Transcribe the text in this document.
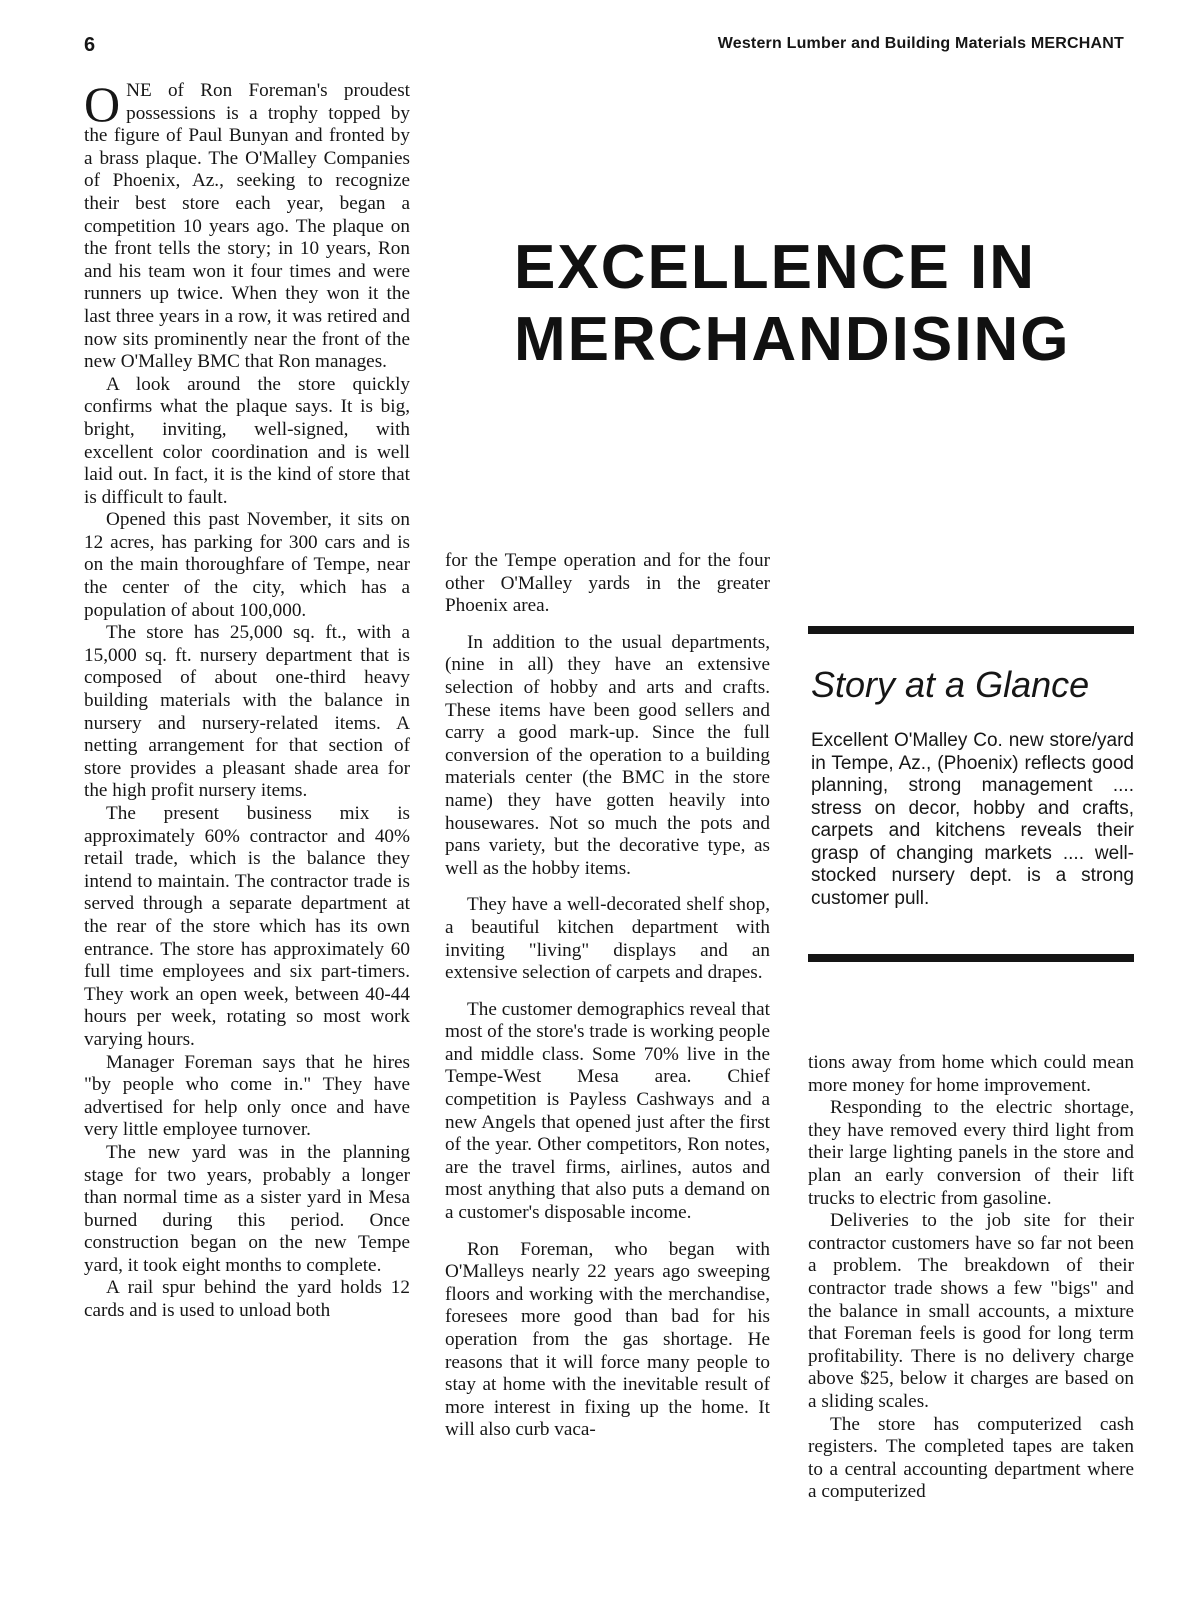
6	Western Lumber and Building Materials MERCHANT

ONE of Ron Foreman's proudest possessions is a trophy topped by the figure of Paul Bunyan and fronted by a brass plaque. The O'Malley Companies of Phoenix, Az., seeking to recognize their best store each year, began a competition 10 years ago. The plaque on the front tells the story; in 10 years, Ron and his team won it four times and were runners up twice. When they won it the last three years in a row, it was retired and now sits prominently near the front of the new O'Malley BMC that Ron manages.

A look around the store quickly confirms what the plaque says. It is big, bright, inviting, well-signed, with excellent color coordination and is well laid out. In fact, it is the kind of store that is difficult to fault.

Opened this past November, it sits on 12 acres, has parking for 300 cars and is on the main thoroughfare of Tempe, near the center of the city, which has a population of about 100,000.

The store has 25,000 sq. ft., with a 15,000 sq. ft. nursery department that is composed of about one-third heavy building materials with the balance in nursery and nursery-related items. A netting arrangement for that section of store provides a pleasant shade area for the high profit nursery items.

The present business mix is approximately 60% contractor and 40% retail trade, which is the balance they intend to maintain. The contractor trade is served through a separate department at the rear of the store which has its own entrance. The store has approximately 60 full time employees and six part-timers. They work an open week, between 40-44 hours per week, rotating so most work varying hours.

Manager Foreman says that he hires "by people who come in." They have advertised for help only once and have very little employee turnover.

The new yard was in the planning stage for two years, probably a longer than normal time as a sister yard in Mesa burned during this period. Once construction began on the new Tempe yard, it took eight months to complete.

A rail spur behind the yard holds 12 cards and is used to unload both

EXCELLENCE IN
MERCHANDISING

for the Tempe operation and for the four other O'Malley yards in the greater Phoenix area.

In addition to the usual departments, (nine in all) they have an extensive selection of hobby and arts and crafts. These items have been good sellers and carry a good mark-up. Since the full conversion of the operation to a building materials center (the BMC in the store name) they have gotten heavily into housewares. Not so much the pots and pans variety, but the decorative type, as well as the hobby items.

They have a well-decorated shelf shop, a beautiful kitchen department with inviting "living" displays and an extensive selection of carpets and drapes.

The customer demographics reveal that most of the store's trade is working people and middle class. Some 70% live in the Tempe-West Mesa area. Chief competition is Payless Cashways and a new Angels that opened just after the first of the year. Other competitors, Ron notes, are the travel firms, airlines, autos and most anything that also puts a demand on a customer's disposable income.

Ron Foreman, who began with O'Malleys nearly 22 years ago sweeping floors and working with the merchandise, foresees more good than bad for his operation from the gas shortage. He reasons that it will force many people to stay at home with the inevitable result of more interest in fixing up the home. It will also curb vaca-

Story at a Glance

Excellent O'Malley Co. new store/yard in Tempe, Az., (Phoenix) reflects good planning, strong management .... stress on decor, hobby and crafts, carpets and kitchens reveals their grasp of changing markets .... well-stocked nursery dept. is a strong customer pull.

tions away from home which could mean more money for home improvement.

Responding to the electric shortage, they have removed every third light from their large lighting panels in the store and plan an early conversion of their lift trucks to electric from gasoline.

Deliveries to the job site for their contractor customers have so far not been a problem. The breakdown of their contractor trade shows a few "bigs" and the balance in small accounts, a mixture that Foreman feels is good for long term profitability. There is no delivery charge above $25, below it charges are based on a sliding scales.

The store has computerized cash registers. The completed tapes are taken to a central accounting department where a computerized
